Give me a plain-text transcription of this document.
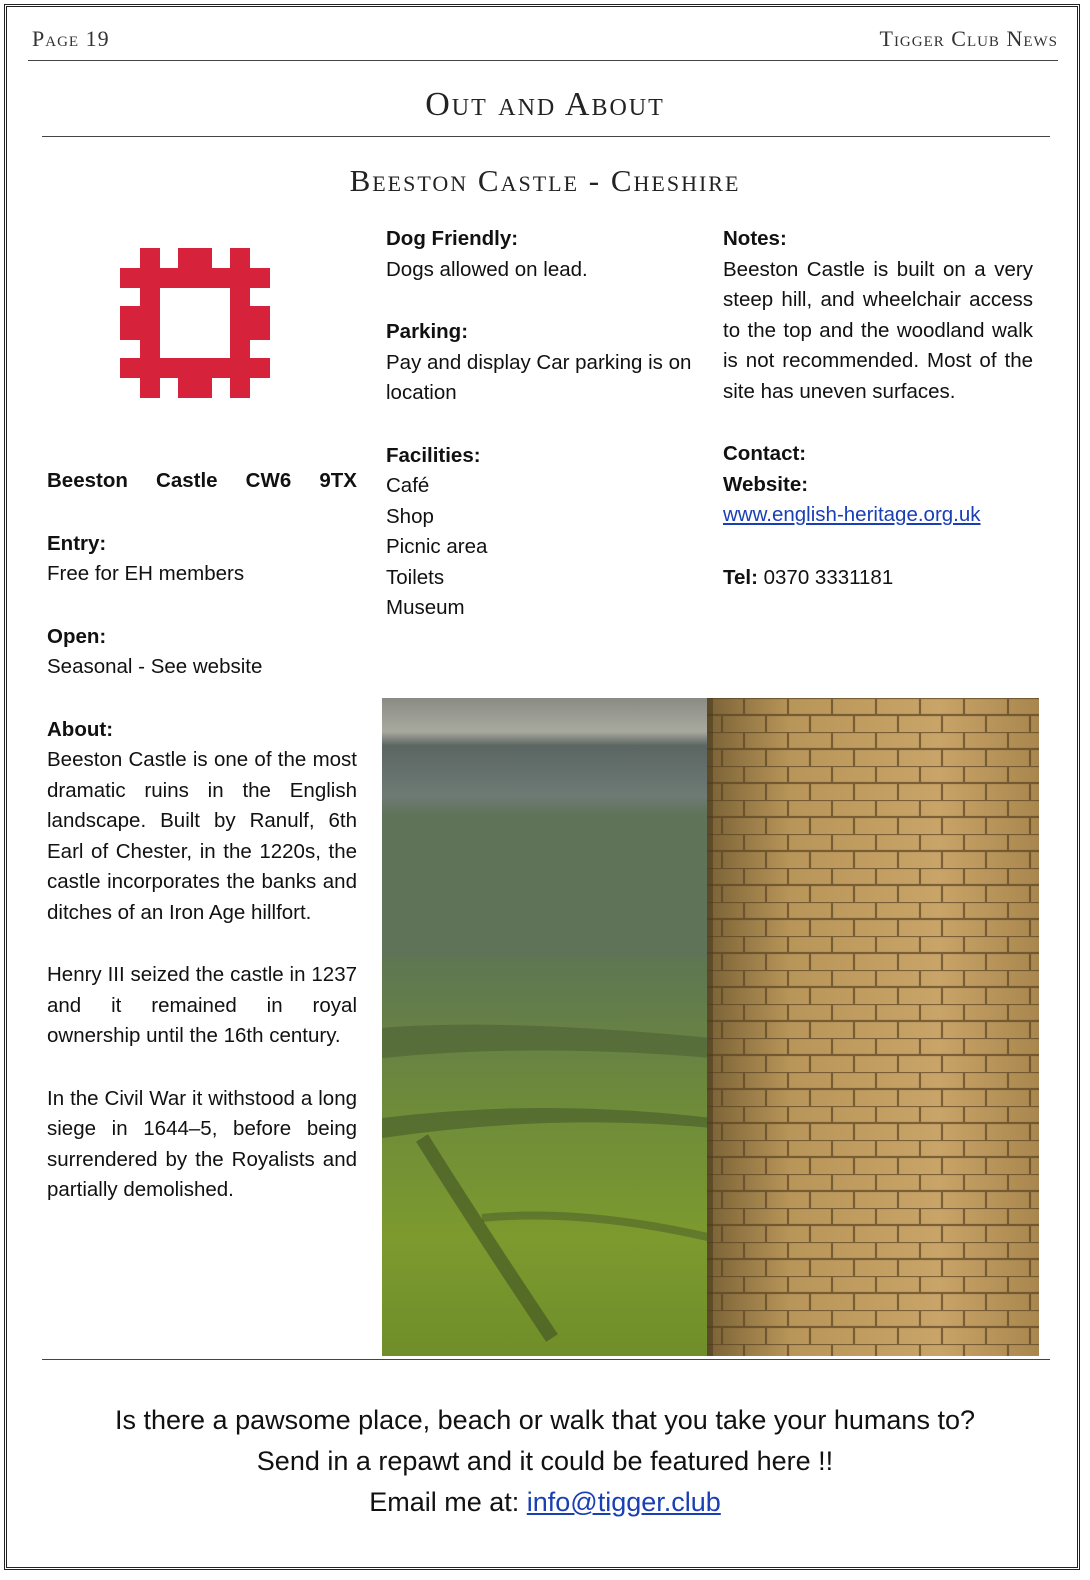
Page 19	Tigger Club News
Out and About
Beeston Castle - Cheshire

Beeston Castle CW6 9TX

Entry:

Free for EH members

Open:

Seasonal - See website

About:

Beeston Castle is one of the most dramatic ruins in the English landscape. Built by Ranulf, 6th Earl of Chester, in the 1220s, the castle incorporates the banks and ditches of an Iron Age hillfort.

Henry III seized the castle in 1237 and it remained in royal ownership until the 16th century.

In the Civil War it withstood a long siege in 1644–5, before being surrendered by the Royalists and partially demolished.

Dog Friendly:

Dogs allowed on lead.

Parking:

Pay and display Car parking is on location

Facilities:

Café

Shop

Picnic area

Toilets

Museum

Notes:

Beeston Castle is built on a very steep hill, and wheelchair access to the top and the woodland walk is not recommended. Most of the site has uneven surfaces.

Contact:

Website:

www.english-heritage.org.uk

Tel: 0370 3331181

Is there a pawsome place, beach or walk that you take your humans to?
Send in a repawt and it could be featured here !!
Email me at: info@tigger.club
